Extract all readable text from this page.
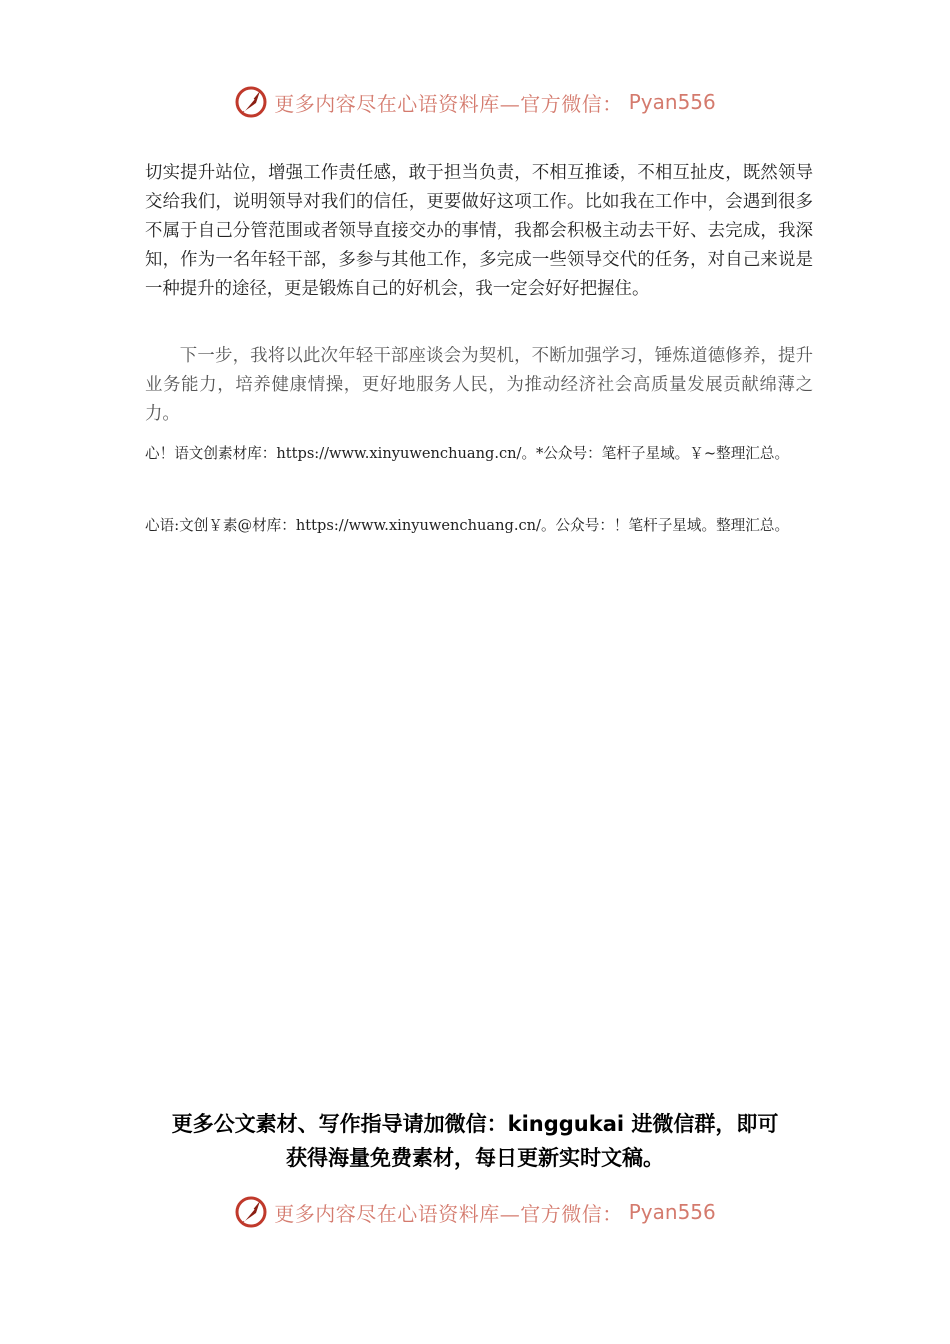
更多内容尽在心语资料库—官方微信： Pyan556
切实提升站位，增强工作责任感，敢于担当负责，不相互推诿，不相互扯皮，既然领导交给我们，说明领导对我们的信任，更要做好这项工作。比如我在工作中，会遇到很多不属于自己分管范围或者领导直接交办的事情，我都会积极主动去干好、去完成，我深知，作为一名年轻干部，多参与其他工作，多完成一些领导交代的任务，对自己来说是一种提升的途径，更是锻炼自己的好机会，我一定会好好把握住。
下一步，我将以此次年轻干部座谈会为契机，不断加强学习，锤炼道德修养，提升业务能力，培养健康情操，更好地服务人民，为推动经济社会高质量发展贡献绵薄之力。
心！语文创素材库：https://www.xinyuwenchuang.cn/。*公众号：笔杆子星域。￥~整理汇总。
心语:文创￥素@材库：https://www.xinyuwenchuang.cn/。公众号：！笔杆子星域。整理汇总。
更多公文素材、写作指导请加微信：kinggukai 进微信群，即可
获得海量免费素材，每日更新实时文稿。
更多内容尽在心语资料库—官方微信： Pyan556
